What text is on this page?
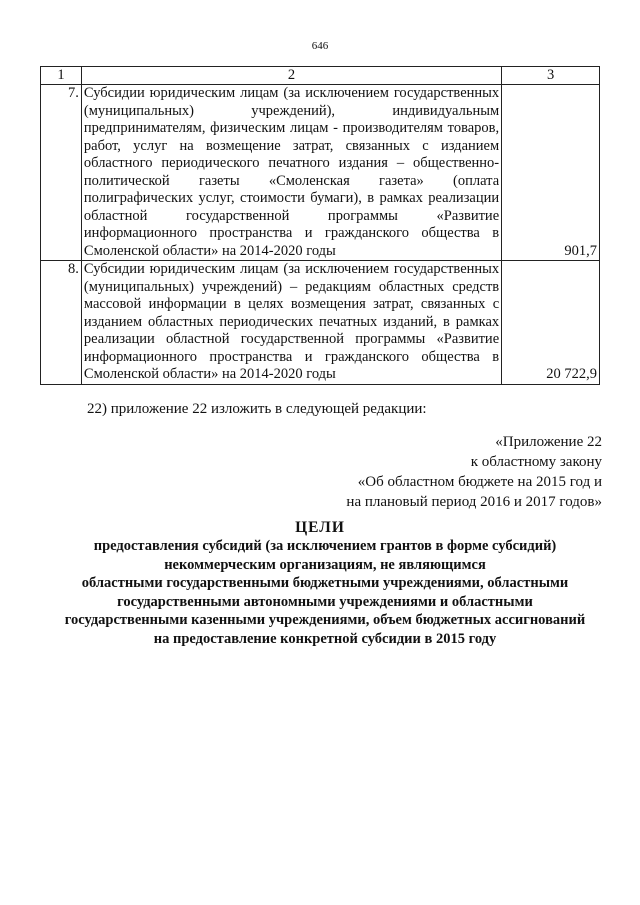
646
1	2	3
7.	Субсидии юридическим лицам (за исключением государственных (муниципальных) учреждений), индивидуальным предпринимателям, физическим лицам - производителям товаров, работ, услуг на возмещение затрат, связанных с изданием областного периодического печатного издания – общественно-политической газеты «Смоленская газета» (оплата полиграфических услуг, стоимости бумаги), в рамках реализации областной государственной программы «Развитие информационного пространства и гражданского общества в Смоленской области» на 2014-2020 годы	901,7
8.	Субсидии юридическим лицам (за исключением государственных (муниципальных) учреждений) – редакциям областных средств массовой информации в целях возмещения затрат, связанных с изданием областных периодических печатных изданий, в рамках реализации областной государственной программы «Развитие информационного пространства и гражданского общества в Смоленской области» на 2014-2020 годы	20 722,9
22) приложение 22 изложить в следующей редакции:
«Приложение 22
к областному закону
«Об областном бюджете на 2015 год и
на плановый период 2016 и 2017 годов»
ЦЕЛИ
предоставления субсидий (за исключением грантов в форме субсидий)
некоммерческим организациям, не являющимся
областными государственными бюджетными учреждениями, областными
государственными автономными учреждениями и областными
государственными казенными учреждениями, объем бюджетных ассигнований
на предоставление конкретной субсидии в 2015 году
